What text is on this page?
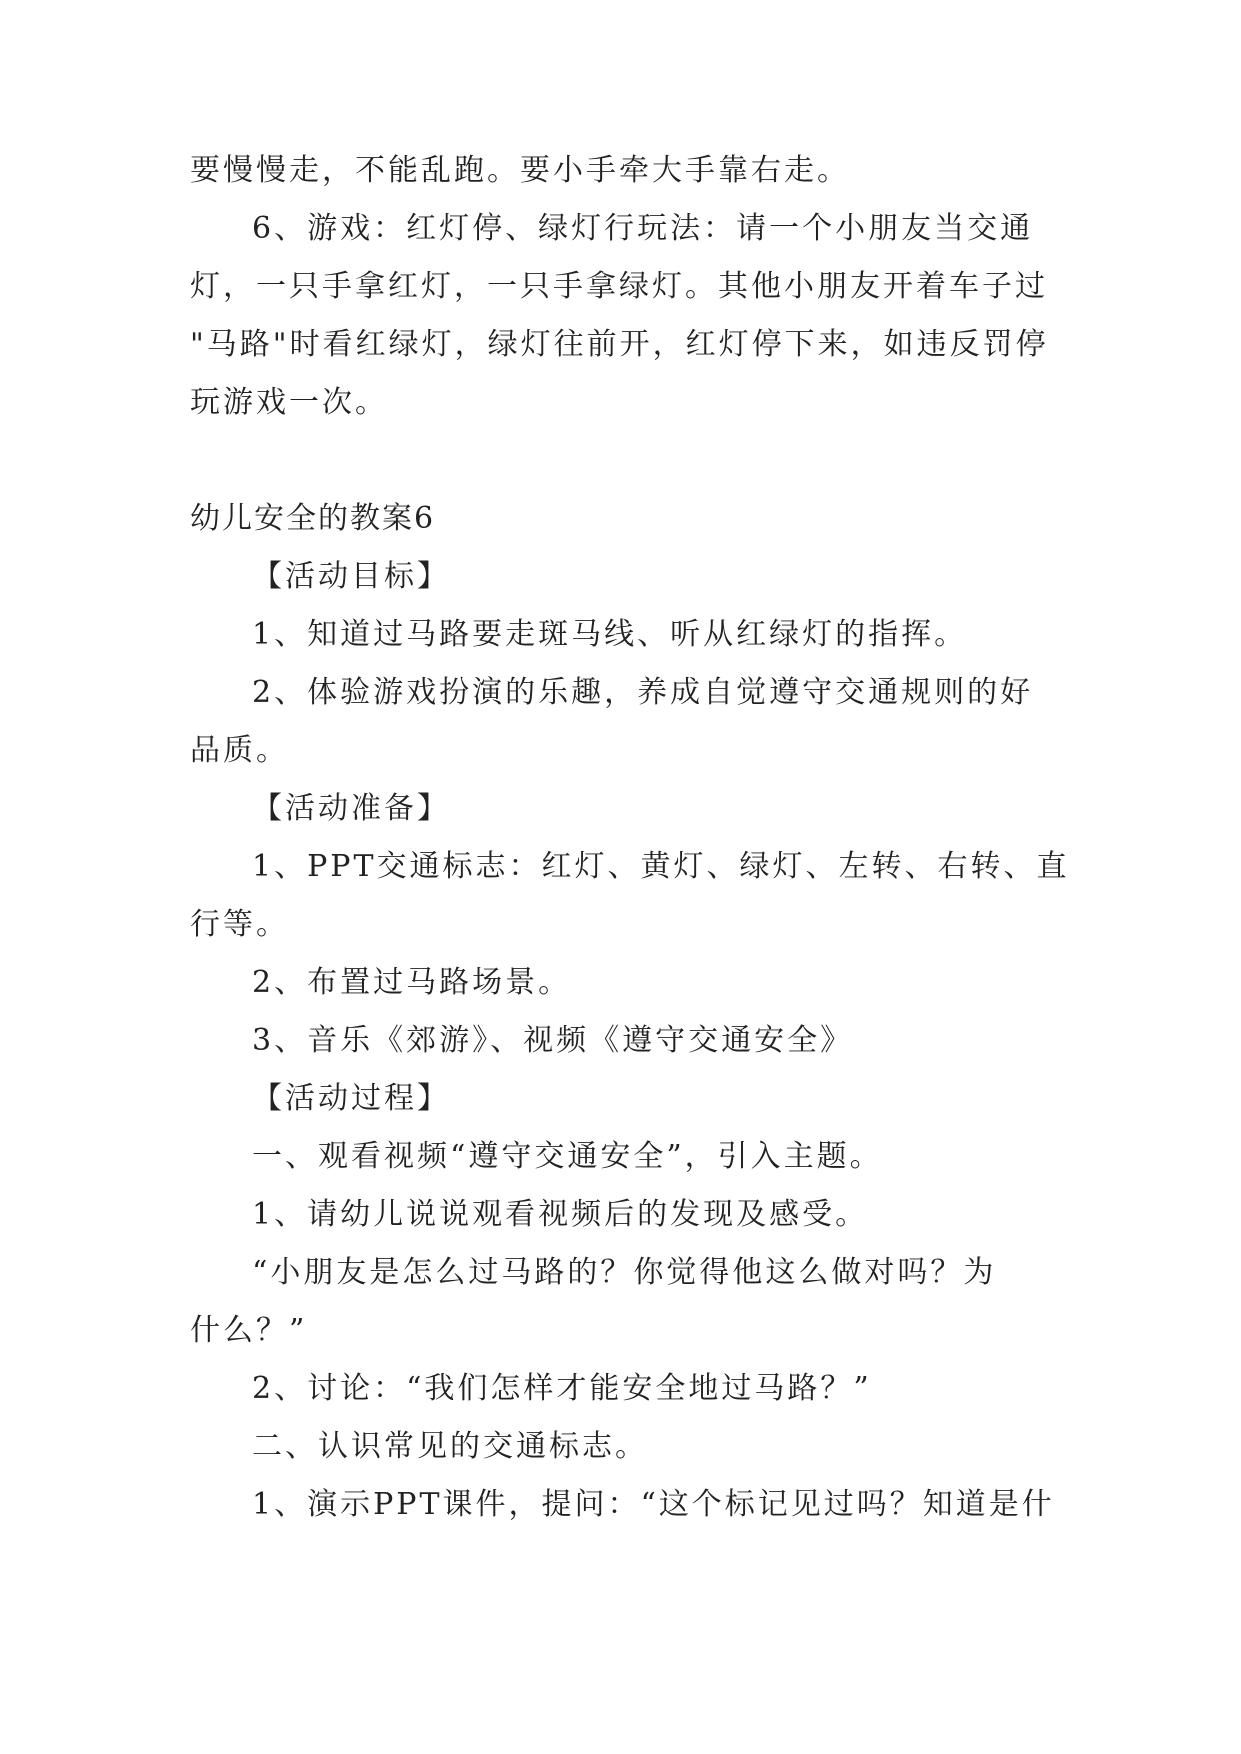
要慢慢走，不能乱跑。要小手牵大手靠右走。
6、游戏：红灯停、绿灯行玩法：请一个小朋友当交通
灯，一只手拿红灯，一只手拿绿灯。其他小朋友开着车子过
"马路"时看红绿灯，绿灯往前开，红灯停下来，如违反罚停
玩游戏一次。
幼儿安全的教案6
【活动目标】
1、知道过马路要走斑马线、听从红绿灯的指挥。
2、体验游戏扮演的乐趣，养成自觉遵守交通规则的好
品质。
【活动准备】
1、PPT交通标志：红灯、黄灯、绿灯、左转、右转、直
行等。
2、布置过马路场景。
3、音乐《郊游》、视频《遵守交通安全》
【活动过程】
一、观看视频“遵守交通安全”，引入主题。
1、请幼儿说说观看视频后的发现及感受。
“小朋友是怎么过马路的？你觉得他这么做对吗？为
什么？”
2、讨论：“我们怎样才能安全地过马路？”
二、认识常见的交通标志。
1、演示PPT课件，提问：“这个标记见过吗？知道是什
